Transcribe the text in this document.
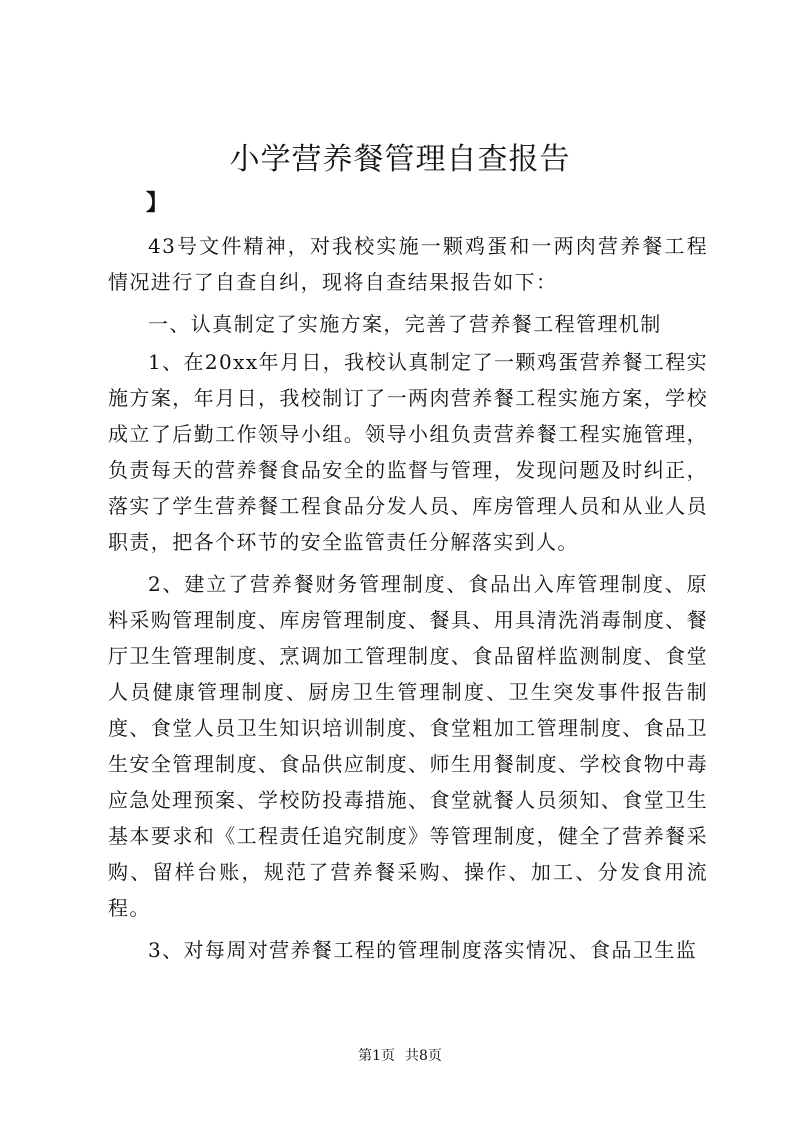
小学营养餐管理自查报告
】

43号文件精神，对我校实施一颗鸡蛋和一两肉营养餐工程情况进行了自查自纠，现将自查结果报告如下：

一、认真制定了实施方案，完善了营养餐工程管理机制

1、在20xx年月日，我校认真制定了一颗鸡蛋营养餐工程实施方案，年月日，我校制订了一两肉营养餐工程实施方案，学校成立了后勤工作领导小组。领导小组负责营养餐工程实施管理，负责每天的营养餐食品安全的监督与管理，发现问题及时纠正，落实了学生营养餐工程食品分发人员、库房管理人员和从业人员职责，把各个环节的安全监管责任分解落实到人。

2、建立了营养餐财务管理制度、食品出入库管理制度、原料采购管理制度、库房管理制度、餐具、用具清洗消毒制度、餐厅卫生管理制度、烹调加工管理制度、食品留样监测制度、食堂人员健康管理制度、厨房卫生管理制度、卫生突发事件报告制度、食堂人员卫生知识培训制度、食堂粗加工管理制度、食品卫生安全管理制度、食品供应制度、师生用餐制度、学校食物中毒应急处理预案、学校防投毒措施、食堂就餐人员须知、食堂卫生基本要求和《工程责任追究制度》等管理制度，健全了营养餐采购、留样台账，规范了营养餐采购、操作、加工、分发食用流程。

3、对每周对营养餐工程的管理制度落实情况、食品卫生监

第1页 共8页
